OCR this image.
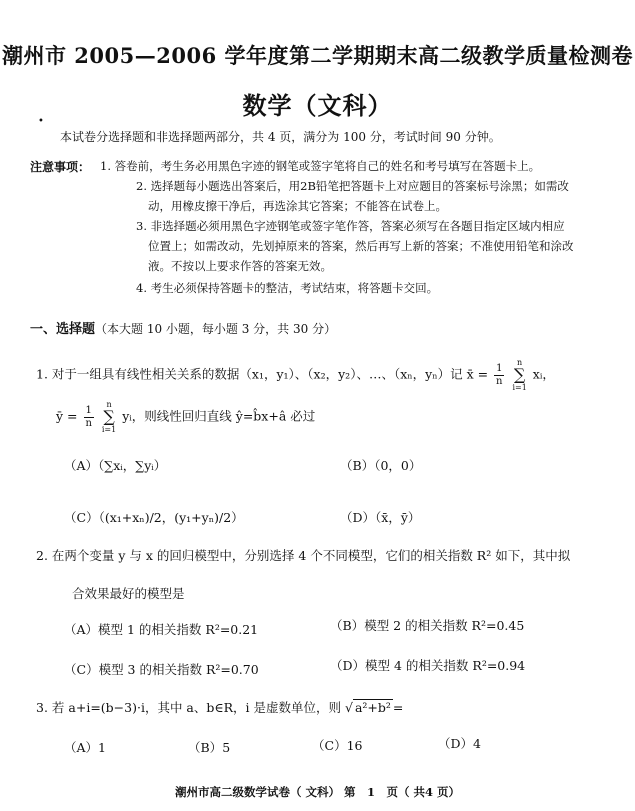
潮州市 2005—2006 学年度第二学期期末高二级教学质量检测卷
数学（文科）
•
本试卷分选择题和非选择题两部分，共 4 页，满分为 100 分，考试时间 90 分钟。
注意事项： 1. 答卷前，考生务必用黑色字迹的钢笔或签字笔将自己的姓名和考号填写在答题卡上。
2. 选择题每小题选出答案后，用2B铅笔把答题卡上对应题目的答案标号涂黑；如需改
动，用橡皮擦干净后，再选涂其它答案；不能答在试卷上。
3. 非选择题必须用黑色字迹钢笔或签字笔作答，答案必须写在各题目指定区域内相应
位置上；如需改动，先划掉原来的答案，然后再写上新的答案；不准使用铅笔和涂改
液。不按以上要求作答的答案无效。
4. 考生必须保持答题卡的整洁，考试结束，将答题卡交回。
一、选择题（本大题 10 小题，每小题 3 分，共 30 分）
1. 对于一组具有线性相关关系的数据（x₁，y₁）、（x₂，y₂）、…、（xₙ，yₙ）记 x̄ = $\frac{1}{n}$
n
∑
i=1
xᵢ，
ȳ = $\frac{1}{n}$
n
∑
i=1
yᵢ，则线性回归直线 ŷ=b̂x+â 必过
（A）（∑xᵢ，∑yᵢ）	（B）（0，0）
（C）（(x₁+xₙ)/2，(y₁+yₙ)/2）	（D）（x̄，ȳ）
2. 在两个变量 y 与 x 的回归模型中，分别选择 4 个不同模型，它们的相关指数 R² 如下，其中拟
合效果最好的模型是
（A）模型 1 的相关指数 R²=0.21	（B）模型 2 的相关指数 R²=0.45
（C）模型 3 的相关指数 R²=0.70	（D）模型 4 的相关指数 R²=0.94
3. 若 a+i=(b−3)·i，其中 a、b∈R，i 是虚数单位，则 √ a²+b² =
（A）1	（B）5	（C）16	（D）4
潮州市高二级数学试卷（ 文科） 第　1　页（ 共4 页）
